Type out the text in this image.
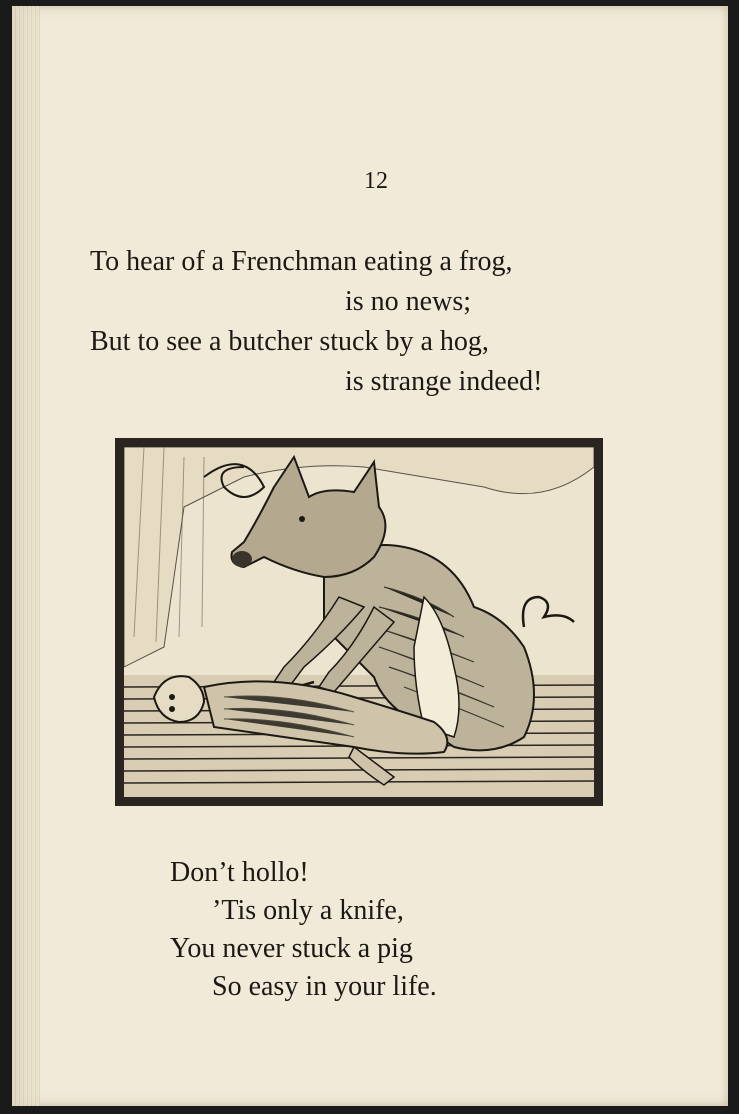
12
To hear of a Frenchman eating a frog,
is no news;
But to see a butcher stuck by a hog,
is strange indeed!
Don’t hollo!
’Tis only a knife,
You never stuck a pig
So easy in your life.
